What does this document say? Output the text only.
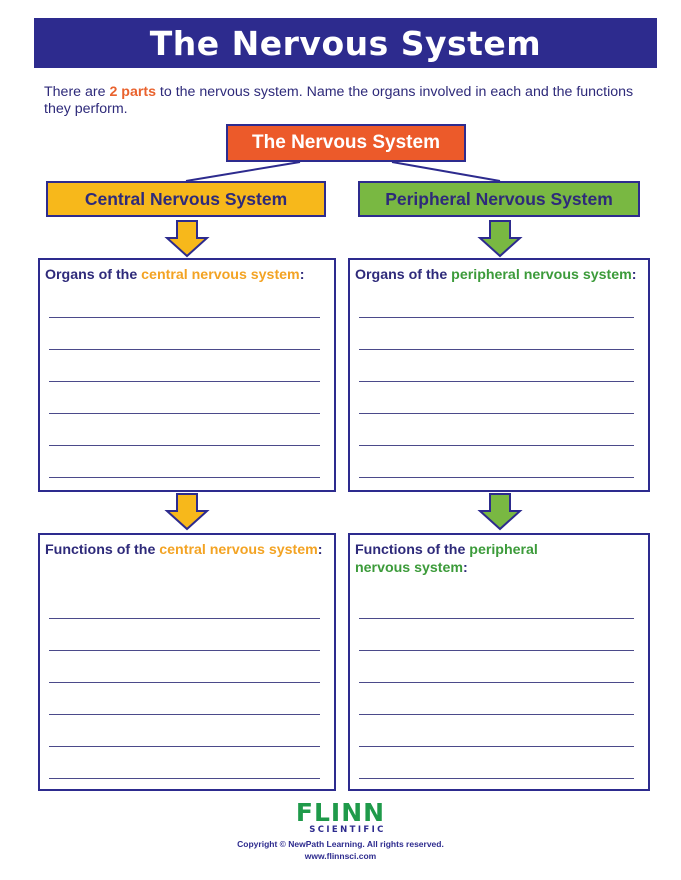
The Nervous System

There are 2 parts to the nervous system. Name the organs involved in each and the functions they perform.

The Nervous System
Central Nervous System	Peripheral Nervous System
Organs of the central nervous system:	Organs of the peripheral nervous system:
Functions of the central nervous system:	Functions of the peripheral nervous system:
FLINN
SCIENTIFIC
Copyright © NewPath Learning. All rights reserved.
www.flinnsci.com
